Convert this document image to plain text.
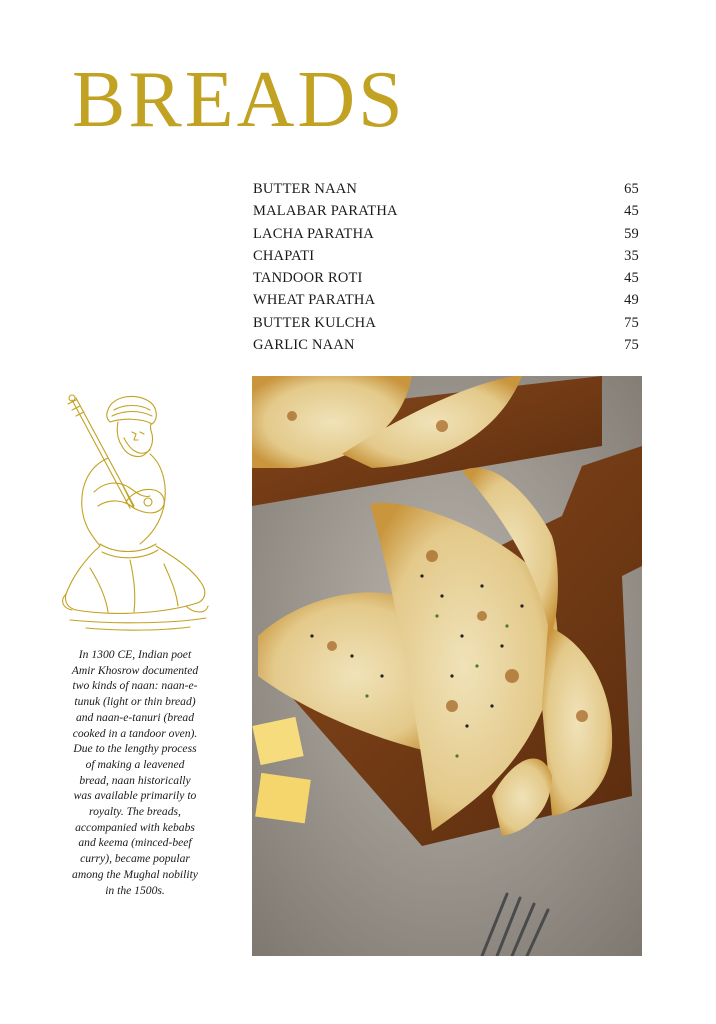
BREADS
BUTTER NAAN	65
MALABAR PARATHA	45
LACHA PARATHA	59
CHAPATI	35
TANDOOR ROTI	45
WHEAT PARATHA	49
BUTTER KULCHA	75
GARLIC NAAN	75

In 1300 CE, Indian poet Amir Khosrow documented two kinds of naan: naan-e-tunuk (light or thin bread) and naan-e-tanuri (bread cooked in a tandoor oven). Due to the lengthy process of making a leavened bread, naan historically was available primarily to royalty. The breads, accompanied with kebabs and keema (minced-beef curry), became popular among the Mughal nobility in the 1500s.
